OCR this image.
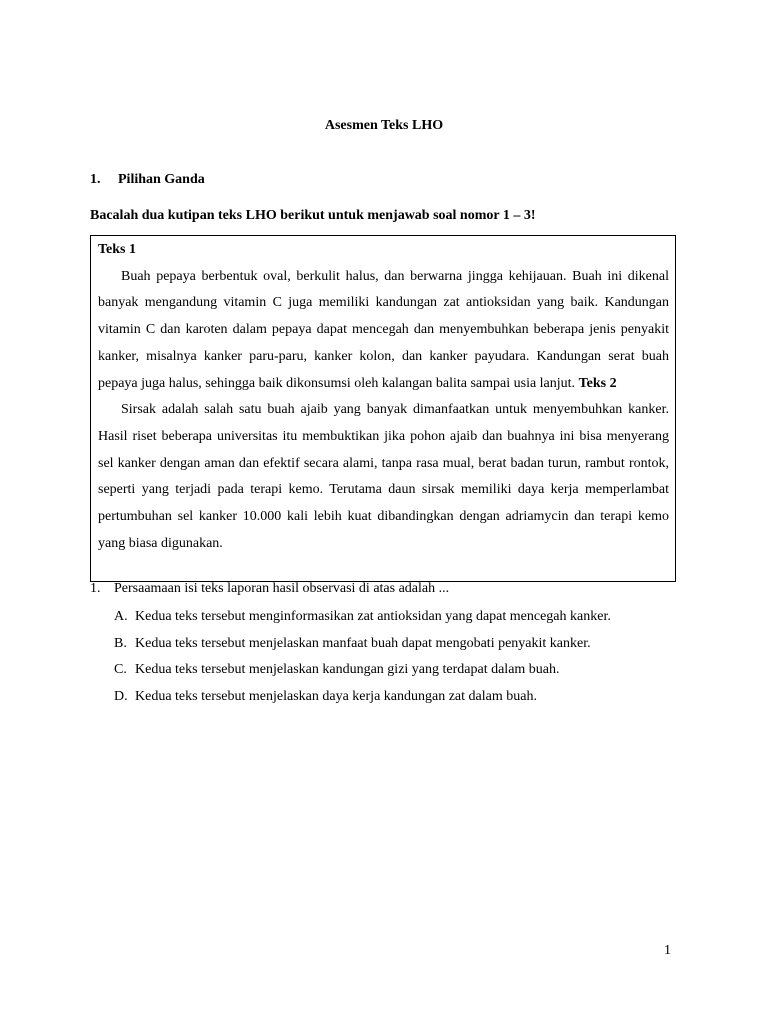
Asesmen Teks LHO
1. Pilihan Ganda
Bacalah dua kutipan teks LHO berikut untuk menjawab soal nomor 1 – 3!
Teks 1

Buah pepaya berbentuk oval, berkulit halus, dan berwarna jingga kehijauan. Buah ini dikenal banyak mengandung vitamin C juga memiliki kandungan zat antioksidan yang baik. Kandungan vitamin C dan karoten dalam pepaya dapat mencegah dan menyembuhkan beberapa jenis penyakit kanker, misalnya kanker paru-paru, kanker kolon, dan kanker payudara. Kandungan serat buah pepaya juga halus, sehingga baik dikonsumsi oleh kalangan balita sampai usia lanjut. Teks 2

Sirsak adalah salah satu buah ajaib yang banyak dimanfaatkan untuk menyembuhkan kanker. Hasil riset beberapa universitas itu membuktikan jika pohon ajaib dan buahnya ini bisa menyerang sel kanker dengan aman dan efektif secara alami, tanpa rasa mual, berat badan turun, rambut rontok, seperti yang terjadi pada terapi kemo. Terutama daun sirsak memiliki daya kerja memperlambat pertumbuhan sel kanker 10.000 kali lebih kuat dibandingkan dengan adriamycin dan terapi kemo yang biasa digunakan.

1. Persaamaan isi teks laporan hasil observasi di atas adalah ...
A. Kedua teks tersebut menginformasikan zat antioksidan yang dapat mencegah kanker.
B. Kedua teks tersebut menjelaskan manfaat buah dapat mengobati penyakit kanker.
C. Kedua teks tersebut menjelaskan kandungan gizi yang terdapat dalam buah.
D. Kedua teks tersebut menjelaskan daya kerja kandungan zat dalam buah.
1
